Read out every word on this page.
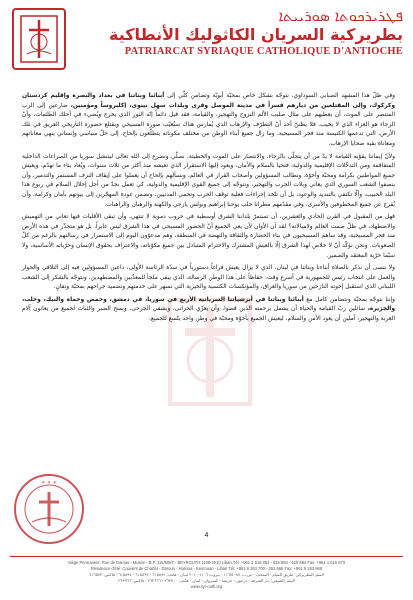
ܦܛܪܝܪܟܘܬܐ ܣܘܪܝܝܬܐ
بطريركية السريان الكاثوليك الأنطاكية
PATRIARCAT SYRIAQUE CATHOLIQUE D'ANTIOCHE

وفي ظلّ هذا المشهد الضبابي السوداوي، نتوجّه بشكل خاص بمحبّة أبويّة وتضامن كلّي إلى أبنائنا وبناتنا في بغداد والبصرة وإقليم كردستان وكركوك، وإلى المقتلعين من ديارهم قسراً في مدينة الموصل وقرى وبلدات سهل نينوى، إكليروساً ومؤمنين، ضارعين إلى الرب المنتصر على الموت، أن يعطيهم على مثال صليب الألم النزوح والتهجير، والقيامة، فقد قيل دائماً إنّه النور الذي يخرج ويُضيء في أحلك الظلمات، وأنّ الرجاء هو العزاء الذي لا يخيب. فلا يظننّ أحد أنّ التطرّف والإرهاب الذي يُمارس هناك سيُغيّب صورة المسيحي ويقتلع حضوره التاريخي العريق في تلك الأرض، التي تدعمها الكنيسة منذ فجر المسيحية، وما زال جميع أبناء الوطن من مختلف مكوناته يتطلّعون بإلحاح، إلى حلّ سياسي وإنساني ينهي معاناتهم ومعاناة بقية ضحايا الإرهاب.

ولأنّ إيماننا يقوّيه القيامة لا بدّ من أن يتجلّى بالرجاء، والانتصار على الموت والخطيئة، نصلّي ونضرع إلى الله تعالى لينتشل سوريا من الصراعات الداخلية المتفاقمة ومن التدخّلات الإقليمية والدولية، فتحيا بالسلام والأمان، ويعود إليها الاستقرار الذي تعيشه منذ أكثر من ثلاث سنوات، ويُعاد بناء ما تهدّم، ويعيش جميع المواطنين بكرامة ومحبّة وأخوّة. ونطالب المسؤولين وأصحاب القرار في العالم، ونسألهم بإلحاح أن يعملوا على إيقاف النزف المستمر والتدمير، وأن ينصفوا الشعب السوري الذي يعاني ويلات الحرب والتهجير، ونتوجّه إلى جميع القوى الإقليمية والدولية، كي تعمل بجدّ من أجل إحلال السلام في ربوع هذا البلد الحبيب، وألّا تكتفي بالتنديد والوعود، بل أن تتّخذ إجراءات فعلية توقف الحرب وتحمي المدنيين، وتضمن عودة المهجّرين إلى بيوتهم بأمان وكرامة، وأن يُفرج عن جميع المخطوفين والأسرى، وفي مقدّمهم مطرانا حلب يوحنا إبراهيم وبولس يازجي والكهنة والرهبان والراهبات.

فهل من المقبول في القرن الحادي والعشرين، أن تستمرّ بلداننا الشرق أوسطية في حروب دموية لا تنتهي، وأن تبقى الأقليات فيها تعاني من التهميش والاضطهاد، في ظلّ صمت العالم ولامبالاته؟ لقد آن الأوان لأن يعي الجميع أنّ الحضور المسيحي في هذا الشرق ليس عابراً، بل هو متجذّر في هذه الأرض منذ فجر المسيحية، وقد ساهم المسيحيون في بناء الحضارة والثقافة والنهضة في المنطقة، وهم مدعوّون اليوم إلى الاستمرار في رسالتهم بالرغم من كلّ الصعوبات. ونحن نؤكّد أنّ لا خلاص لهذا الشرق إلّا بالعيش المشترك والاحترام المتبادل بين جميع مكوّناته، والاعتراف بحقوق الإنسان وحرّياته الأساسية، ولا سيّما حرّية المعتقد والضمير.

ولا ننسى أن نذكر بالصلاة أبناءنا وبناتنا في لبنان، الذي لا يزال يعيش فراغاً دستورياً في سدّة الرئاسة الأولى، داعين المسؤولين فيه إلى التلاقي والحوار والعمل على انتخاب رئيس للجمهورية في أسرع وقت، حفاظاً على هذا الوطن الرسالة، الذي يبقى ملجأ للمعذّبين والمضطهدين، ونتوجّه بالشكر إلى الشعب اللبناني الذي استقبل إخوته النازحين من سوريا والعراق، والمؤسّسات الكنسية والخيرية التي تسهر على خدمتهم وتضميد جراحهم بمحبّة وتفانٍ.

وإننا نتوجّه بمحبّة ونتضامن كامل مع أبنائنا وبناتنا في أبرشياتنا السريانية الأربع في سوريا، في دمشق، وحمص وحماة والنبك، وحلب، والجزيرة، سائلين ربّ القيامة والحياة أن يشمل برحمته الذين قضوا، وأن يعزّي الحزانى، ويشفي الجرحى، ويمنح الصبر والثبات لجميع من يعانون آلام الغربة والتهجير، آملين أن يعود الأمن والسلام، ليعيش الجميع بأخوّة ومحبّة في وطن واحد يتّسع للجميع.

✦ ✦ ✦
4
Siège Permanent: Rue de Damas - Musée - B.P. 116/5087 - BEYROUTH 1106-2010 Liban Tél: +961 1 615 892 - 615 893 - 615 894 Fax: +961 1 616 573
Résidence d'été: Couvent de Charfet - Daroun - Harissa - Kesrouan - Liban Tél: +961 9 263 700 - 263 666 Fax: +961 9 263 966
المقر البطريركي: طريق الشام - المتحف - ص.ب. ١١٦/٥٠٨٧ - بيروت ١١٠٦-٢٠١٠ لبنان - هاتف: ٦١٥٨٩٢ - ٦١٥٨٩٣ - ٦١٥٨٩٤ - فاكس: ٦١٦٥٧٣
المقر الصيفي: دير الشرفة - درعون - حريصا - كسروان - لبنان - هاتف: ٢٦٣٧٠٠ - ٢٦٣٦٦٦ - فاكس: ٢٦٣٩٦٦
www.syr-cath.org
